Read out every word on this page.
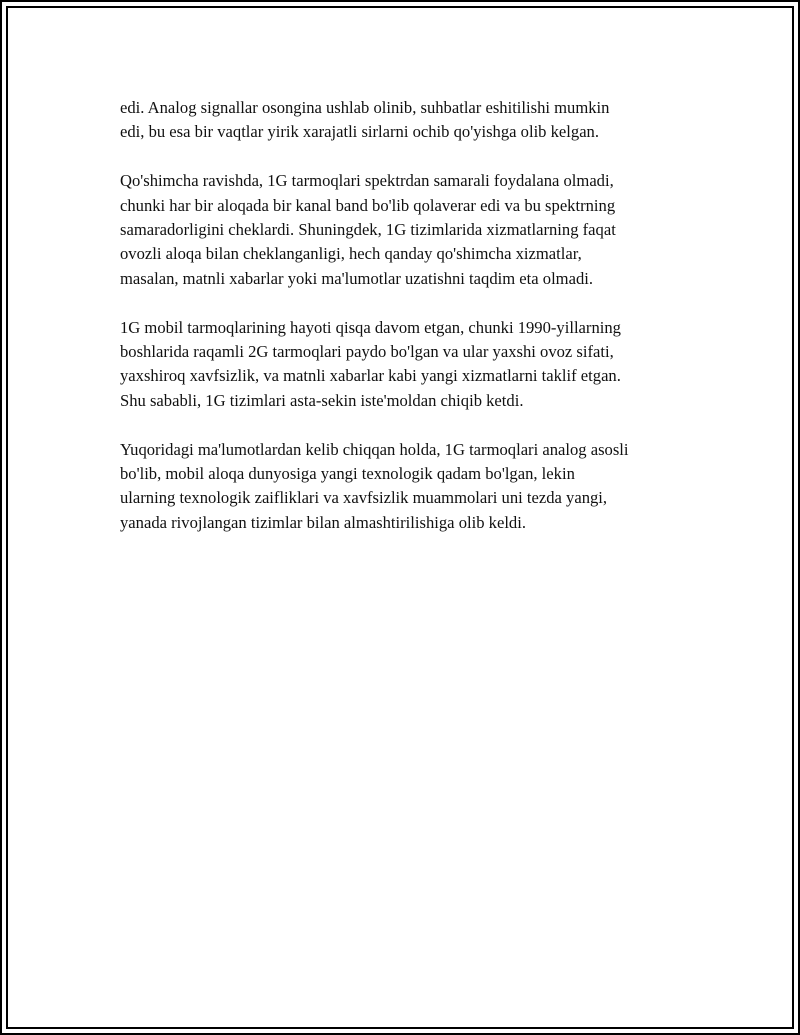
edi. Analog signallar osongina ushlab olinib, suhbatlar eshitilishi mumkin
edi, bu esa bir vaqtlar yirik xarajatli sirlarni ochib qo'yishga olib kelgan.

Qo'shimcha ravishda, 1G tarmoqlari spektrdan samarali foydalana olmadi,
chunki har bir aloqada bir kanal band bo'lib qolaverar edi va bu spektrning
samaradorligini cheklardi. Shuningdek, 1G tizimlarida xizmatlarning faqat
ovozli aloqa bilan cheklanganligi, hech qanday qo'shimcha xizmatlar,
masalan, matnli xabarlar yoki ma'lumotlar uzatishni taqdim eta olmadi.

1G mobil tarmoqlarining hayoti qisqa davom etgan, chunki 1990-yillarning
boshlarida raqamli 2G tarmoqlari paydo bo'lgan va ular yaxshi ovoz sifati,
yaxshiroq xavfsizlik, va matnli xabarlar kabi yangi xizmatlarni taklif etgan.
Shu sababli, 1G tizimlari asta-sekin iste'moldan chiqib ketdi.

Yuqoridagi ma'lumotlardan kelib chiqqan holda, 1G tarmoqlari analog asosli
bo'lib, mobil aloqa dunyosiga yangi texnologik qadam bo'lgan, lekin
ularning texnologik zaifliklari va xavfsizlik muammolari uni tezda yangi,
yanada rivojlangan tizimlar bilan almashtirilishiga olib keldi.
